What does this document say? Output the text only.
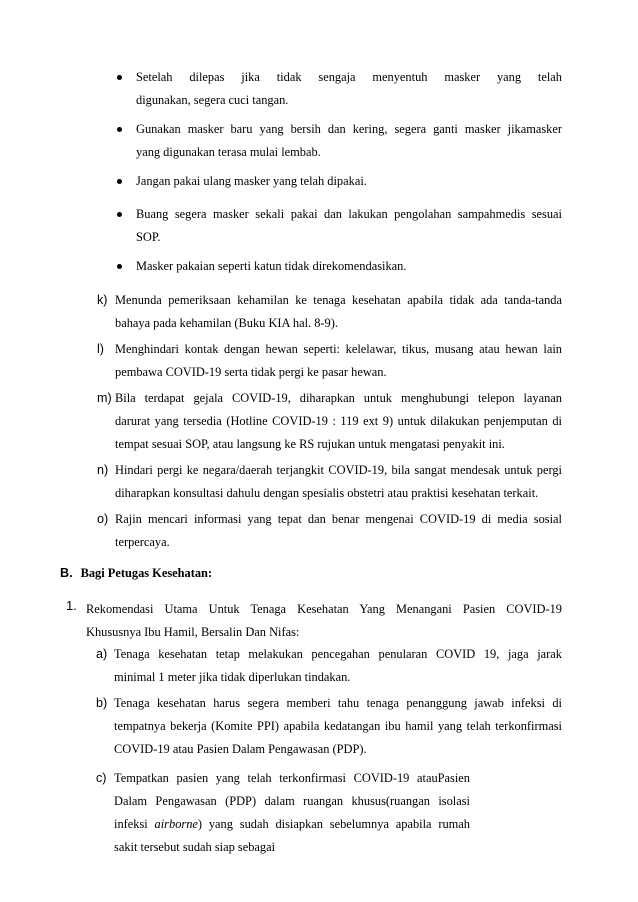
Setelah dilepas jika tidak sengaja menyentuh masker yang telah
digunakan, segera cuci tangan.
Gunakan masker baru yang bersih dan kering, segera ganti masker jikamasker
yang digunakan terasa mulai lembab.
Jangan pakai ulang masker yang telah dipakai.
Buang segera masker sekali pakai dan lakukan pengolahan sampahmedis sesuai
SOP.
Masker pakaian seperti katun tidak direkomendasikan.
k) Menunda pemeriksaan kehamilan ke tenaga kesehatan apabila tidak ada tanda-tanda
bahaya pada kehamilan (Buku KIA hal. 8-9).
l) Menghindari kontak dengan hewan seperti: kelelawar, tikus, musang atau hewan lain
pembawa COVID-19 serta tidak pergi ke pasar hewan.
m) Bila terdapat gejala COVID-19, diharapkan untuk menghubungi telepon layanan
darurat yang tersedia (Hotline COVID-19 : 119 ext 9) untuk dilakukan penjemputan di
tempat sesuai SOP, atau langsung ke RS rujukan untuk mengatasi penyakit ini.
n) Hindari pergi ke negara/daerah terjangkit COVID-19, bila sangat mendesak untuk pergi
diharapkan konsultasi dahulu dengan spesialis obstetri atau praktisi kesehatan terkait.
o) Rajin mencari informasi yang tepat dan benar mengenai COVID-19 di media sosial
terpercaya.
B. Bagi Petugas Kesehatan:
1. Rekomendasi Utama Untuk Tenaga Kesehatan Yang Menangani Pasien COVID-19
Khususnya Ibu Hamil, Bersalin Dan Nifas:
a) Tenaga kesehatan tetap melakukan pencegahan penularan COVID 19, jaga jarak
minimal 1 meter jika tidak diperlukan tindakan.
b) Tenaga kesehatan harus segera memberi tahu tenaga penanggung jawab infeksi di
tempatnya bekerja (Komite PPI) apabila kedatangan ibu hamil yang telah terkonfirmasi
COVID-19 atau Pasien Dalam Pengawasan (PDP).
c) Tempatkan pasien yang telah terkonfirmasi COVID-19 atauPasien
Dalam Pengawasan (PDP) dalam ruangan khusus(ruangan isolasi
infeksi airborne) yang sudah disiapkan sebelumnya apabila rumah
sakit tersebut sudah siap sebagai
